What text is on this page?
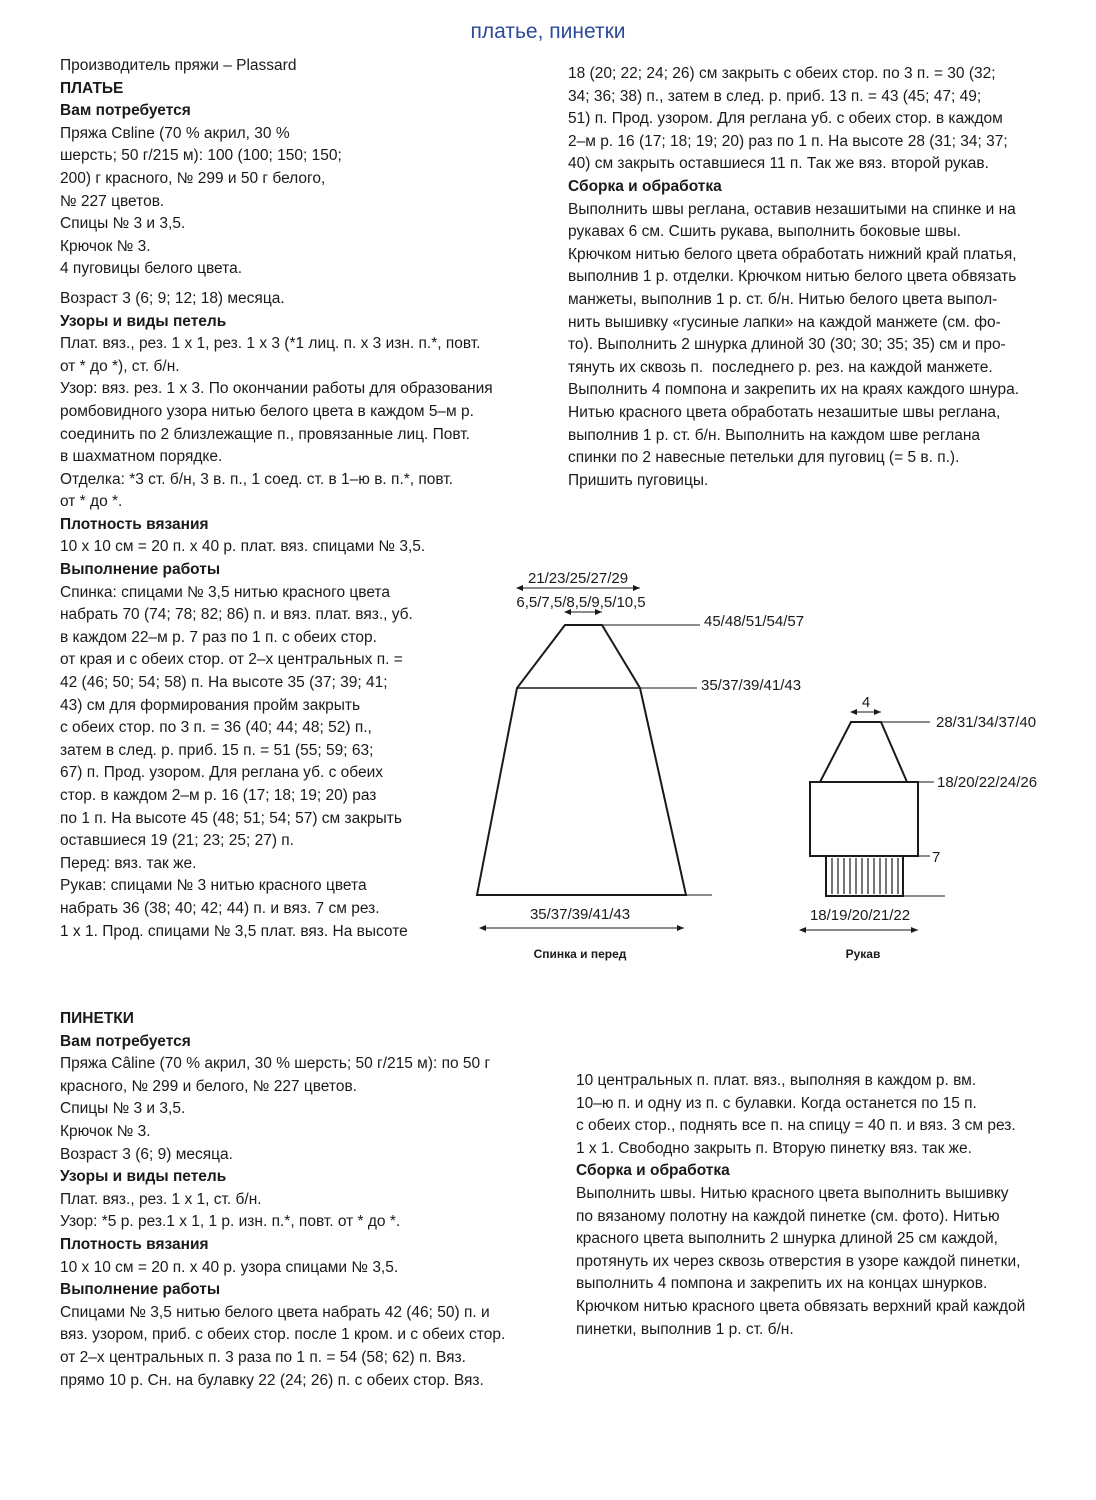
платье, пинетки

Производитель пряжи – Plassard

ПЛАТЬЕ

Вам потребуется

Пряжа Cвline (70 % акрил, 30 %

шерсть; 50 г/215 м): 100 (100; 150; 150;

200) г красного, № 299 и 50 г белого,

№ 227 цветов.

Спицы № 3 и 3,5.

Крючок № 3.

4 пуговицы белого цвета.

Возраст 3 (6; 9; 12; 18) месяца.

Узоры и виды петель

Плат. вяз., рез. 1 х 1, рез. 1 х 3 (*1 лиц. п. х 3 изн. п.*, повт.

от * до *), ст. б/н.

Узор: вяз. рез. 1 х 3. По окончании работы для образования

ромбовидного узора нитью белого цвета в каждом 5–м р.

соединить по 2 близлежащие п., провязанные лиц. Повт.

в шахматном порядке.

Отделка: *3 ст. б/н, 3 в. п., 1 соед. ст. в 1–ю в. п.*, повт.

от * до *.

Плотность вязания

10 х 10 см = 20 п. х 40 р. плат. вяз. спицами № 3,5.

Выполнение работы

Спинка: спицами № 3,5 нитью красного цвета

набрать 70 (74; 78; 82; 86) п. и вяз. плат. вяз., уб.

в каждом 22–м р. 7 раз по 1 п. с обеих стор.

от края и с обеих стор. от 2–х центральных п. =

42 (46; 50; 54; 58) п. На высоте 35 (37; 39; 41;

43) см для формирования пройм закрыть

с обеих стор. по 3 п. = 36 (40; 44; 48; 52) п.,

затем в след. р. приб. 15 п. = 51 (55; 59; 63;

67) п. Прод. узором. Для реглана уб. с обеих

стор. в каждом 2–м р. 16 (17; 18; 19; 20) раз

по 1 п. На высоте 45 (48; 51; 54; 57) см закрыть

оставшиеся 19 (21; 23; 25; 27) п.

Перед: вяз. так же.

Рукав: спицами № 3 нитью красного цвета

набрать 36 (38; 40; 42; 44) п. и вяз. 7 см рез.

1 х 1. Прод. спицами № 3,5 плат. вяз. На высоте

18 (20; 22; 24; 26) см закрыть с обеих стор. по 3 п. = 30 (32;

34; 36; 38) п., затем в след. р. приб. 13 п. = 43 (45; 47; 49;

51) п. Прод. узором. Для реглана уб. с обеих стор. в каждом

2–м р. 16 (17; 18; 19; 20) раз по 1 п. На высоте 28 (31; 34; 37;

40) см закрыть оставшиеся 11 п. Так же вяз. второй рукав.

Сборка и обработка

Выполнить швы реглана, оставив незашитыми на спинке и на

рукавах 6 см. Сшить рукава, выполнить боковые швы.

Крючком нитью белого цвета обработать нижний край платья,

выполнив 1 р. отделки. Крючком нитью белого цвета обвязать

манжеты, выполнив 1 р. ст. б/н. Нитью белого цвета выпол-

нить вышивку «гусиные лапки» на каждой манжете (см. фо-

то). Выполнить 2 шнурка длиной 30 (30; 30; 35; 35) см и про-

тянуть их сквозь п.  последнего р. рез. на каждой манжете.

Выполнить 4 помпона и закрепить их на краях каждого шнура.

Нитью красного цвета обработать незашитые швы реглана,

выполнив 1 р. ст. б/н. Выполнить на каждом шве реглана

спинки по 2 навесные петельки для пуговиц (= 5 в. п.).

Пришить пуговицы.

ПИНЕТКИ

Вам потребуется

Пряжа Câline (70 % акрил, 30 % шерсть; 50 г/215 м): по 50 г

красного, № 299 и белого, № 227 цветов.

Спицы № 3 и 3,5.

Крючок № 3.

Возраст 3 (6; 9) месяца.

Узоры и виды петель

Плат. вяз., рез. 1 х 1, ст. б/н.

Узор: *5 р. рез.1 х 1, 1 р. изн. п.*, повт. от * до *.

Плотность вязания

10 х 10 см = 20 п. х 40 р. узора спицами № 3,5.

Выполнение работы

Спицами № 3,5 нитью белого цвета набрать 42 (46; 50) п. и

вяз. узором, приб. с обеих стор. после 1 кром. и с обеих стор.

от 2–х центральных п. 3 раза по 1 п. = 54 (58; 62) п. Вяз.

прямо 10 р. Сн. на булавку 22 (24; 26) п. с обеих стор. Вяз.

10 центральных п. плат. вяз., выполняя в каждом р. вм.

10–ю п. и одну из п. с булавки. Когда останется по 15 п.

с обеих стор., поднять все п. на спицу = 40 п. и вяз. 3 см рез.

1 х 1. Свободно закрыть п. Вторую пинетку вяз. так же.

Сборка и обработка

Выполнить швы. Нитью красного цвета выполнить вышивку

по вязаному полотну на каждой пинетке (см. фото). Нитью

красного цвета выполнить 2 шнурка длиной 25 см каждой,

протянуть их через сквозь отверстия в узоре каждой пинетки,

выполнить 4 помпона и закрепить их на концах шнурков.

Крючком нитью красного цвета обвязать верхний край каждой

пинетки, выполнив 1 р. ст. б/н.

21/23/25/27/29
6,5/7,5/8,5/9,5/10,5
45/48/51/54/57
35/37/39/41/43
35/37/39/41/43
Спинка и перед
4
28/31/34/37/40
18/20/22/24/26
7
18/19/20/21/22
Рукав
